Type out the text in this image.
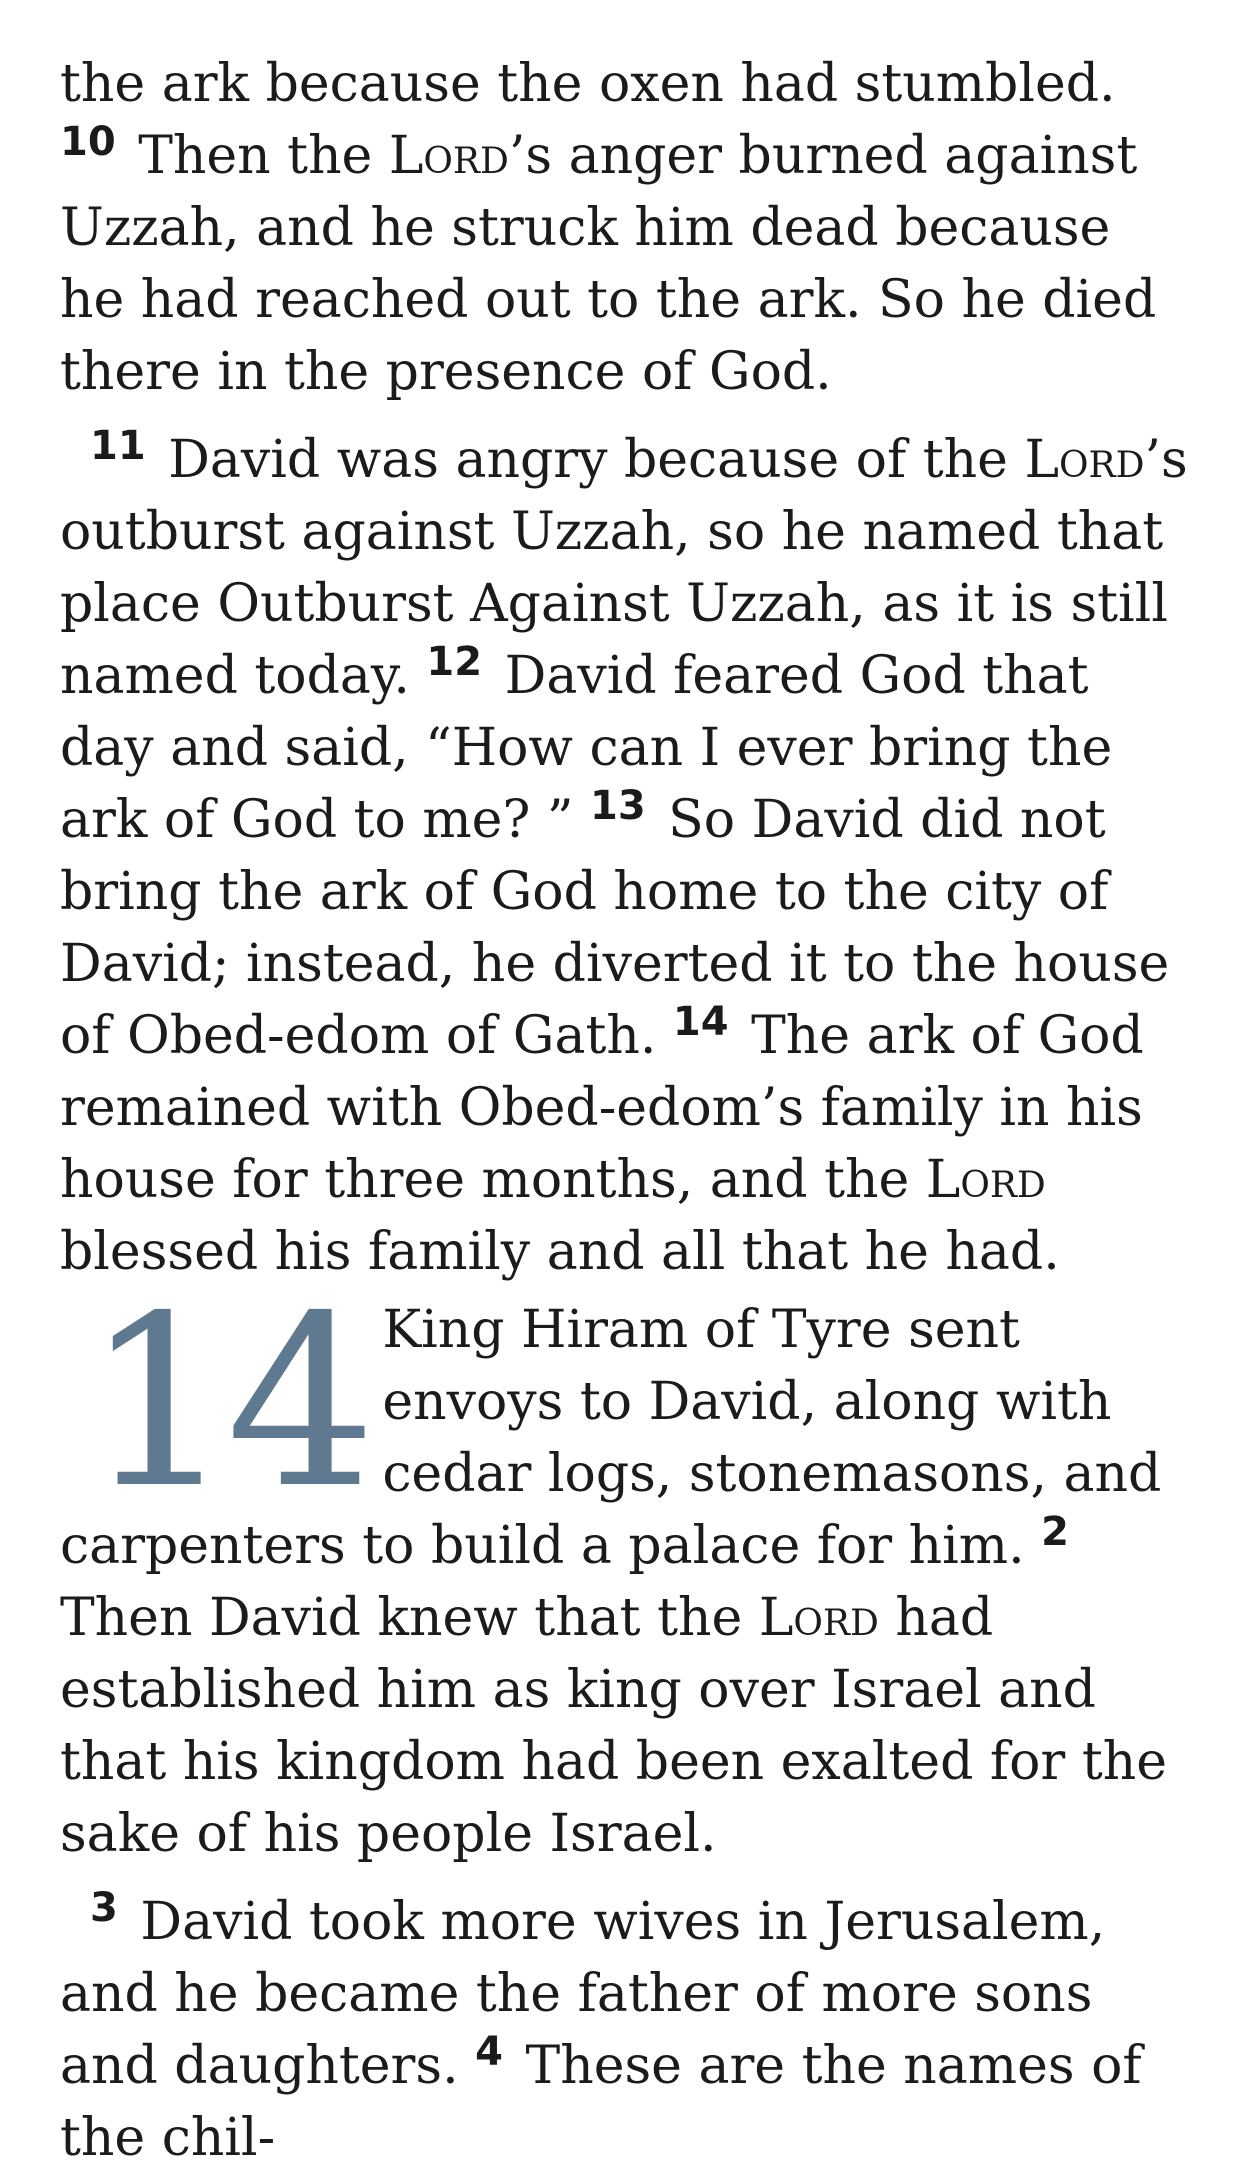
the ark because the oxen had stumbled. $^{10}$ Then the Lord’s anger burned against Uzzah, and he struck him dead because he had reached out to the ark. So he died there in the presence of God.

$^{11}$ David was angry because of the Lord’s outburst against Uzzah, so he named that place Outburst Against Uzzah, as it is still named today. $^{12}$ David feared God that day and said, “How can I ever bring the ark of God to me? ” $^{13}$ So David did not bring the ark of God home to the city of David; instead, he diverted it to the house of Obed-edom of Gath. $^{14}$ The ark of God remained with Obed-edom’s family in his house for three months, and the Lord blessed his family and all that he had.

14 King Hiram of Tyre sent envoys to David, along with cedar logs, stonemasons, and carpenters to build a palace for him. $^2$ Then David knew that the Lord had established him as king over Israel and that his kingdom had been exalted for the sake of his people Israel.

$^3$ David took more wives in Jerusalem, and he became the father of more sons and daughters. $^4$ These are the names of the chil-
